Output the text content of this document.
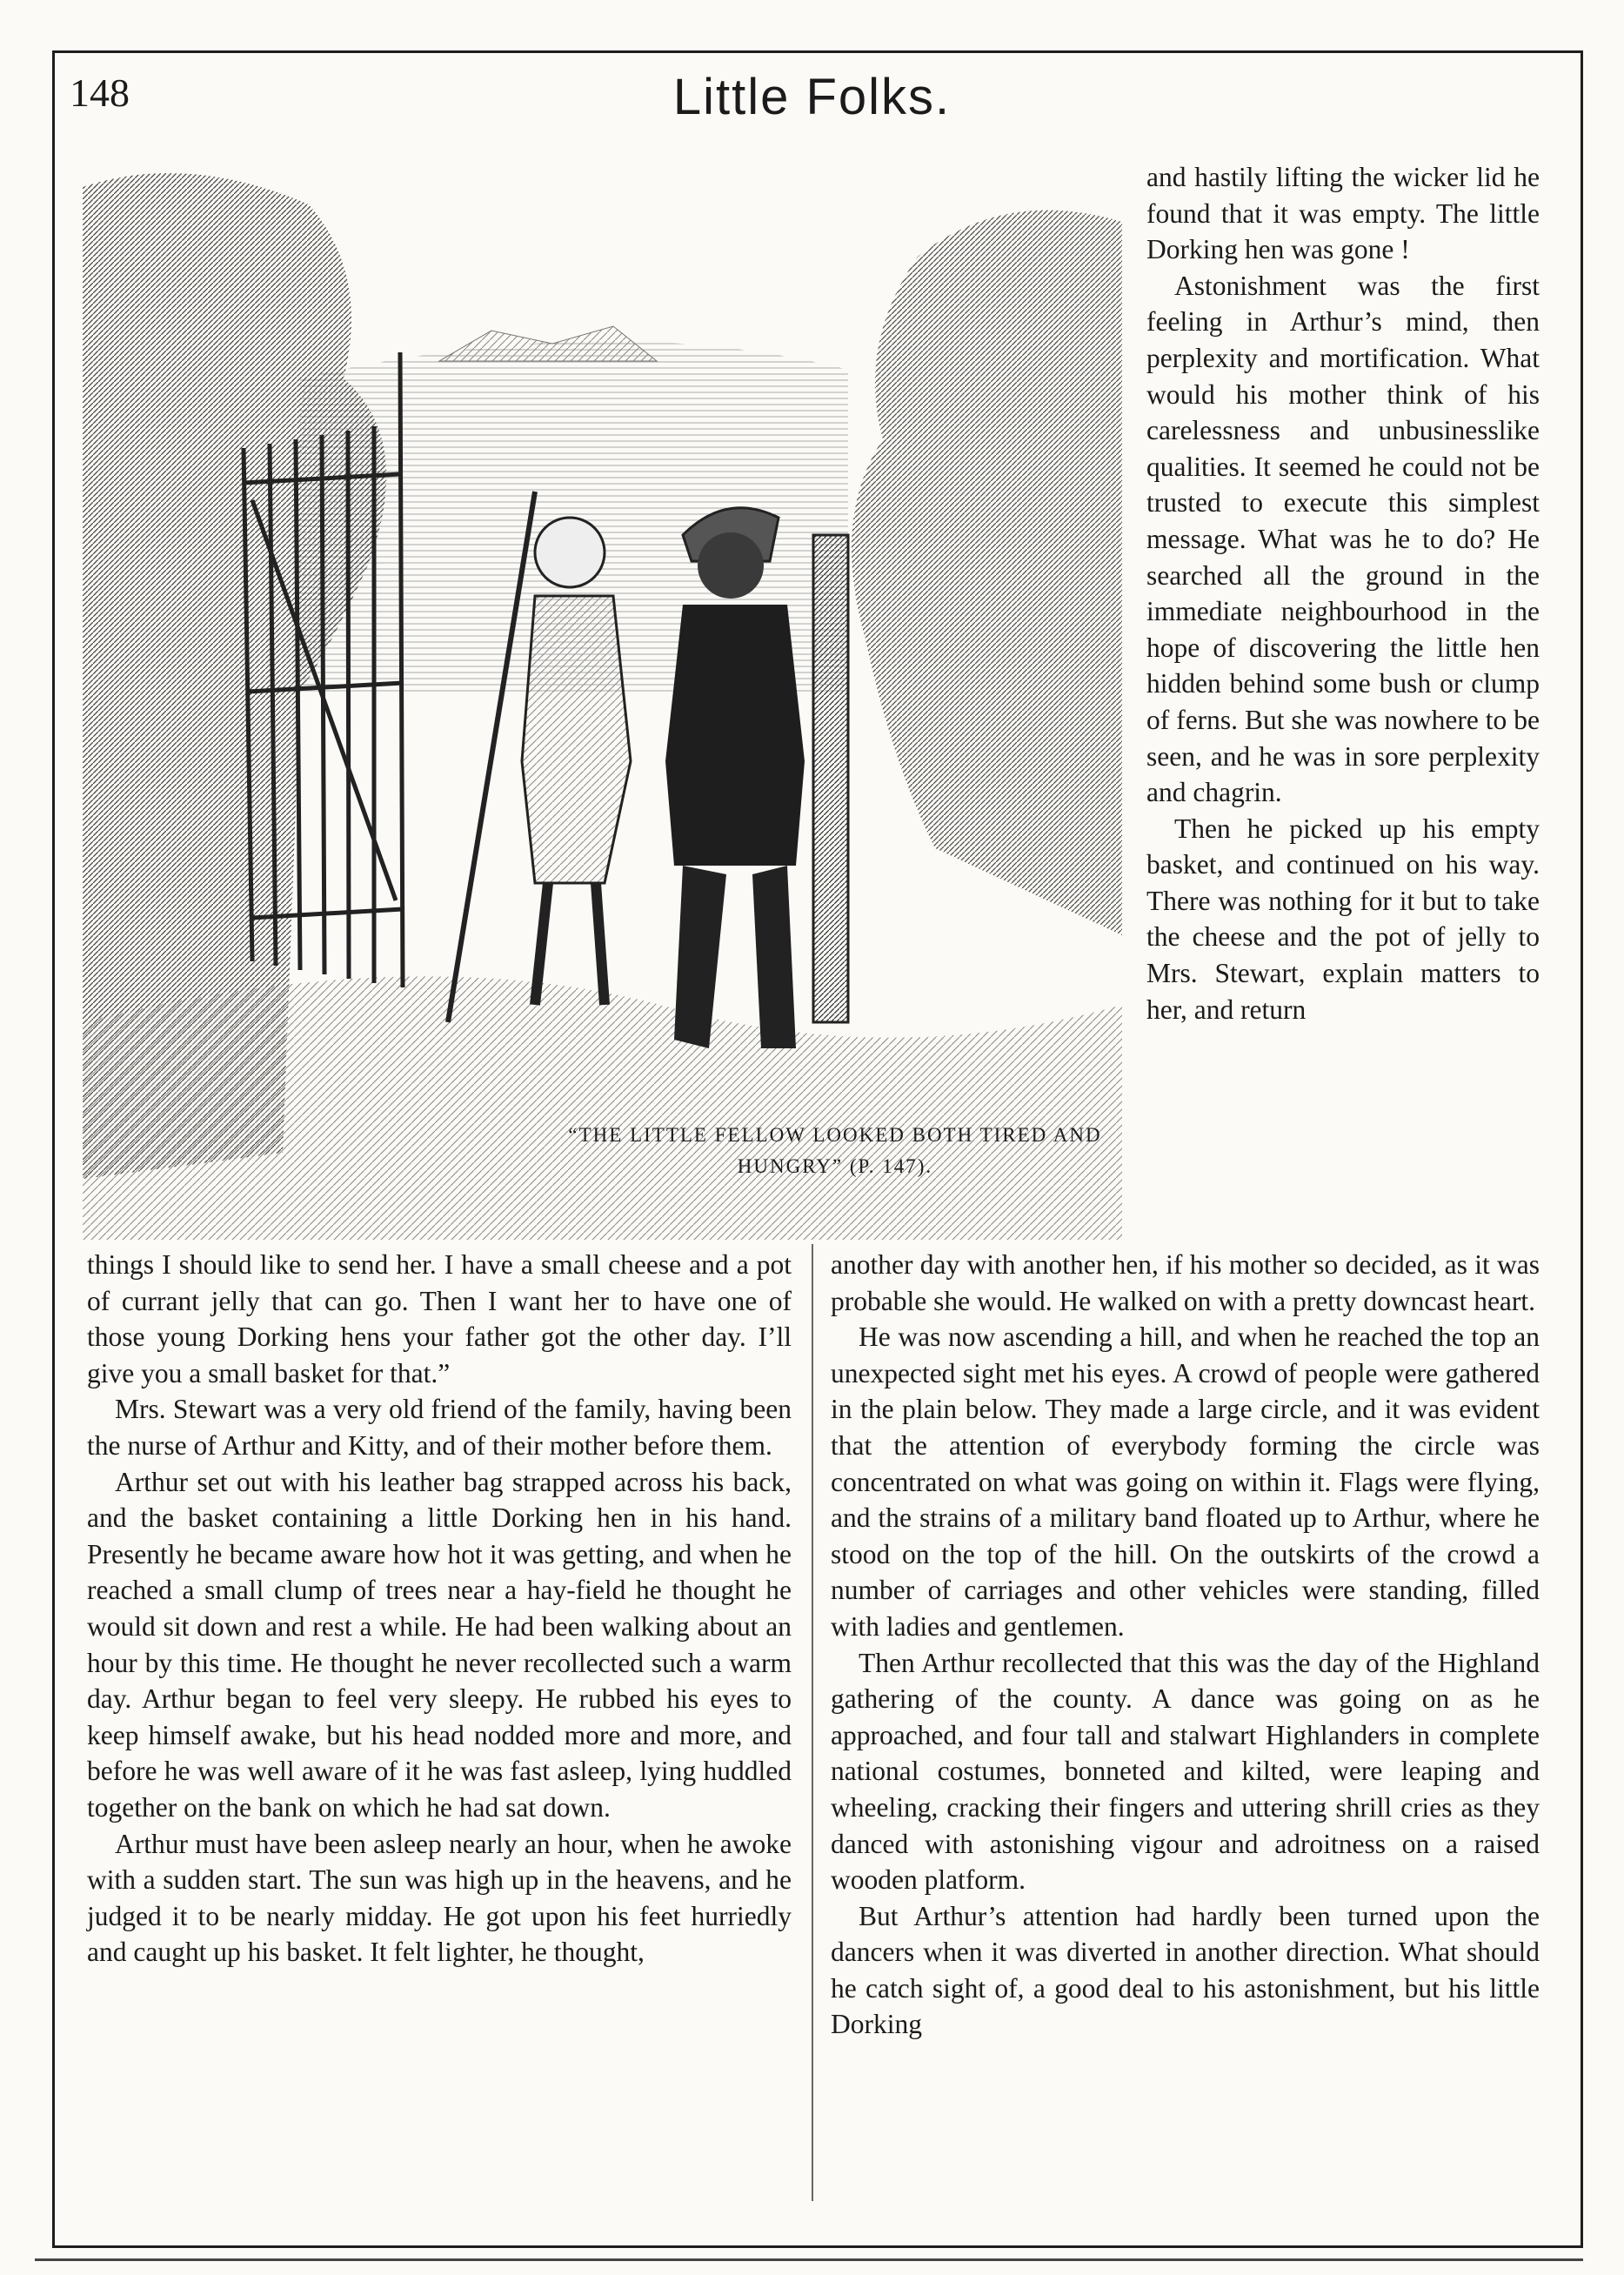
148	Little Folks.
“THE LITTLE FELLOW LOOKED BOTH TIRED AND HUNGRY” (P. 147).

and hastily lifting the wicker lid he found that it was empty. The little Dorking hen was gone !

Astonishment was the first feeling in Arthur’s mind, then perplexity and mortification. What would his mother think of his carelessness and unbusinesslike qualities. It seemed he could not be trusted to execute this simplest message. What was he to do? He searched all the ground in the immediate neighbourhood in the hope of discovering the little hen hidden behind some bush or clump of ferns. But she was nowhere to be seen, and he was in sore perplexity and chagrin.

Then he picked up his empty basket, and continued on his way. There was nothing for it but to take the cheese and the pot of jelly to Mrs. Stewart, explain matters to her, and return

things I should like to send her. I have a small cheese and a pot of currant jelly that can go. Then I want her to have one of those young Dorking hens your father got the other day. I’ll give you a small basket for that.”

Mrs. Stewart was a very old friend of the family, having been the nurse of Arthur and Kitty, and of their mother before them.

Arthur set out with his leather bag strapped across his back, and the basket containing a little Dorking hen in his hand. Presently he became aware how hot it was getting, and when he reached a small clump of trees near a hay-field he thought he would sit down and rest a while. He had been walking about an hour by this time. He thought he never recollected such a warm day. Arthur began to feel very sleepy. He rubbed his eyes to keep himself awake, but his head nodded more and more, and before he was well aware of it he was fast asleep, lying huddled together on the bank on which he had sat down.

Arthur must have been asleep nearly an hour, when he awoke with a sudden start. The sun was high up in the heavens, and he judged it to be nearly midday. He got upon his feet hurriedly and caught up his basket. It felt lighter, he thought,

another day with another hen, if his mother so decided, as it was probable she would. He walked on with a pretty downcast heart.

He was now ascending a hill, and when he reached the top an unexpected sight met his eyes. A crowd of people were gathered in the plain below. They made a large circle, and it was evident that the attention of everybody forming the circle was concentrated on what was going on within it. Flags were flying, and the strains of a military band floated up to Arthur, where he stood on the top of the hill. On the outskirts of the crowd a number of carriages and other vehicles were standing, filled with ladies and gentlemen.

Then Arthur recollected that this was the day of the Highland gathering of the county. A dance was going on as he approached, and four tall and stalwart Highlanders in complete national costumes, bonneted and kilted, were leaping and wheeling, cracking their fingers and uttering shrill cries as they danced with astonishing vigour and adroitness on a raised wooden platform.

But Arthur’s attention had hardly been turned upon the dancers when it was diverted in another direction. What should he catch sight of, a good deal to his astonishment, but his little Dorking
